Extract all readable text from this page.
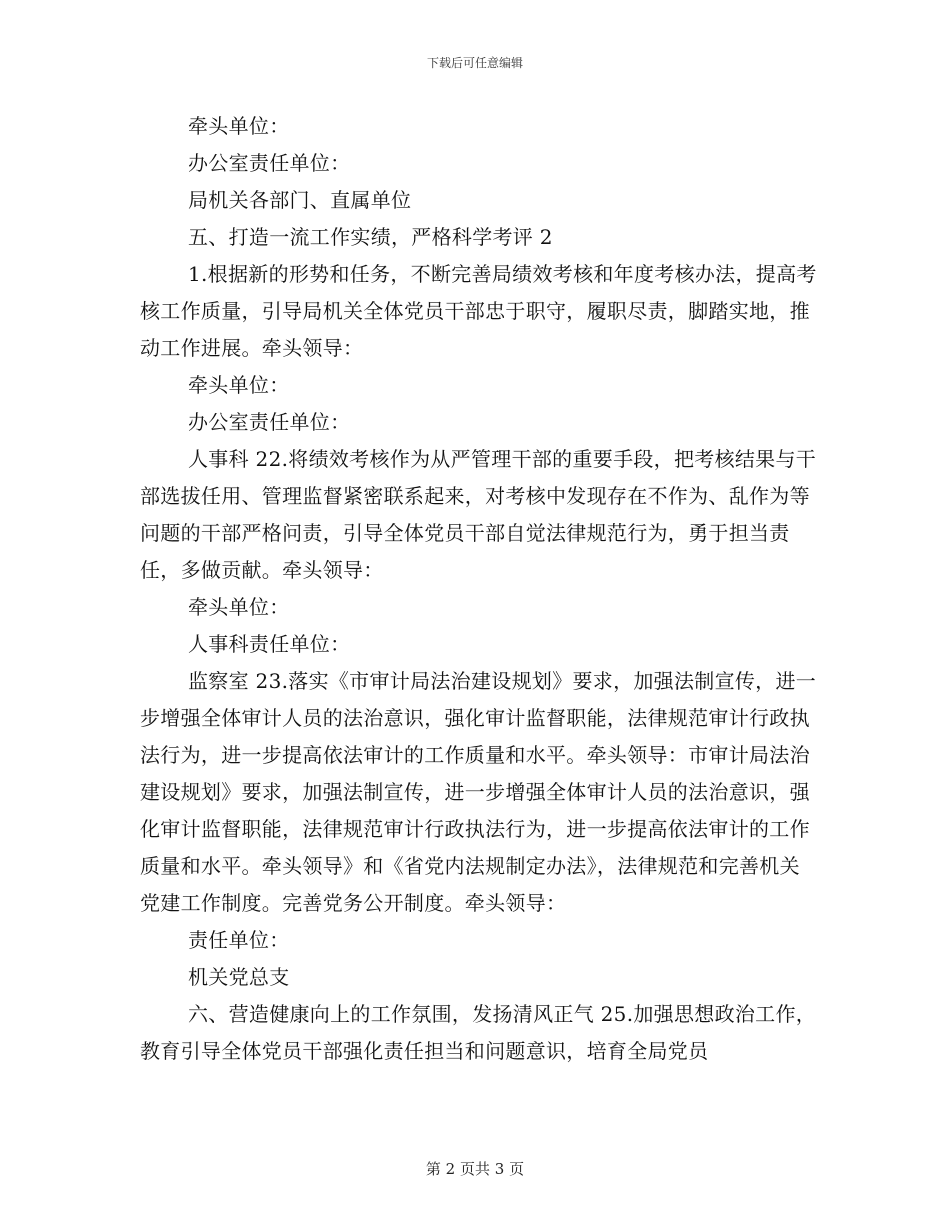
下载后可任意编辑

牵头单位：

办公室责任单位：

局机关各部门、直属单位

五、打造一流工作实绩，严格科学考评 2

1.根据新的形势和任务，不断完善局绩效考核和年度考核办法，提高考核工作质量，引导局机关全体党员干部忠于职守，履职尽责，脚踏实地，推动工作进展。牵头领导：

牵头单位：

办公室责任单位：

人事科 22.将绩效考核作为从严管理干部的重要手段，把考核结果与干部选拔任用、管理监督紧密联系起来，对考核中发现存在不作为、乱作为等问题的干部严格问责，引导全体党员干部自觉法律规范行为，勇于担当责任，多做贡献。牵头领导：

牵头单位：

人事科责任单位：

监察室 23.落实《市审计局法治建设规划》要求，加强法制宣传，进一步增强全体审计人员的法治意识，强化审计监督职能，法律规范审计行政执法行为，进一步提高依法审计的工作质量和水平。牵头领导：市审计局法治建设规划》要求，加强法制宣传，进一步增强全体审计人员的法治意识，强化审计监督职能，法律规范审计行政执法行为，进一步提高依法审计的工作质量和水平。牵头领导》和《省党内法规制定办法》，法律规范和完善机关党建工作制度。完善党务公开制度。牵头领导：

责任单位：

机关党总支

六、营造健康向上的工作氛围，发扬清风正气 25.加强思想政治工作，教育引导全体党员干部强化责任担当和问题意识，培育全局党员

第 2 页共 3 页
